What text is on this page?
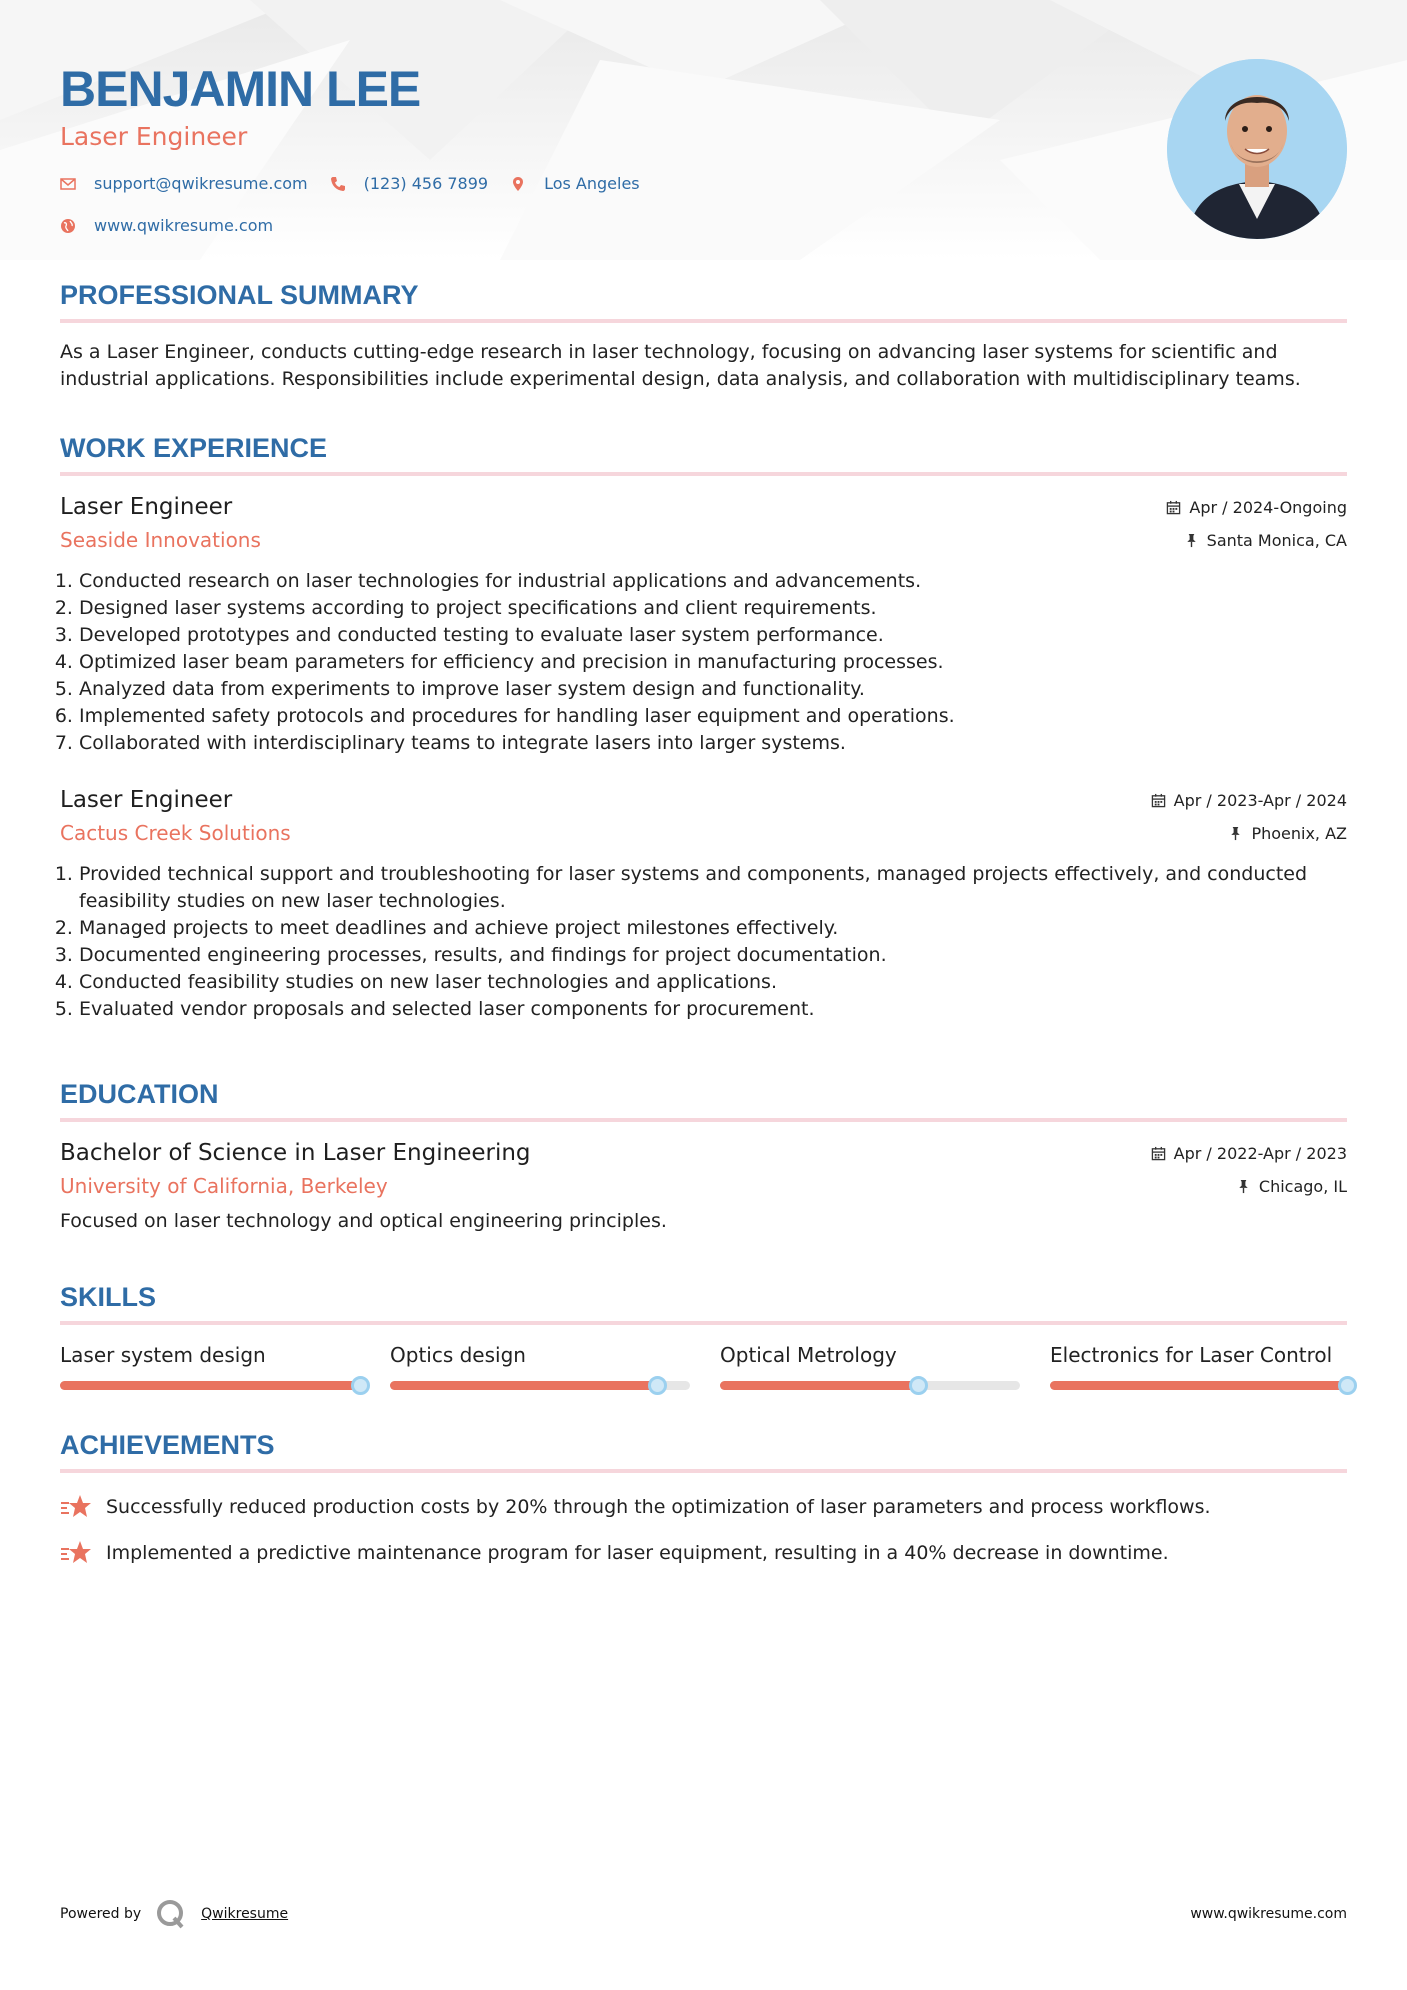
BENJAMIN LEE
Laser Engineer
support@qwikresume.com	(123) 456 7899	Los Angeles
www.qwikresume.com
PROFESSIONAL SUMMARY
As a Laser Engineer, conducts cutting-edge research in laser technology, focusing on advancing laser systems for scientific and industrial applications. Responsibilities include experimental design, data analysis, and collaboration with multidisciplinary teams.
WORK EXPERIENCE
Laser Engineer
Seaside Innovations
Apr / 2024-Ongoing
Santa Monica, CA
1. Conducted research on laser technologies for industrial applications and advancements.
2. Designed laser systems according to project specifications and client requirements.
3. Developed prototypes and conducted testing to evaluate laser system performance.
4. Optimized laser beam parameters for efficiency and precision in manufacturing processes.
5. Analyzed data from experiments to improve laser system design and functionality.
6. Implemented safety protocols and procedures for handling laser equipment and operations.
7. Collaborated with interdisciplinary teams to integrate lasers into larger systems.
Laser Engineer
Cactus Creek Solutions
Apr / 2023-Apr / 2024
Phoenix, AZ
1. Provided technical support and troubleshooting for laser systems and components, managed projects effectively, and conducted feasibility studies on new laser technologies.
2. Managed projects to meet deadlines and achieve project milestones effectively.
3. Documented engineering processes, results, and findings for project documentation.
4. Conducted feasibility studies on new laser technologies and applications.
5. Evaluated vendor proposals and selected laser components for procurement.
EDUCATION
Bachelor of Science in Laser Engineering
University of California, Berkeley
Apr / 2022-Apr / 2023
Chicago, IL
Focused on laser technology and optical engineering principles.
SKILLS
Laser system design	Optics design	Optical Metrology	Electronics for Laser Control
ACHIEVEMENTS
Successfully reduced production costs by 20% through the optimization of laser parameters and process workflows.
Implemented a predictive maintenance program for laser equipment, resulting in a 40% decrease in downtime.
Powered by	Qwikresume	www.qwikresume.com
